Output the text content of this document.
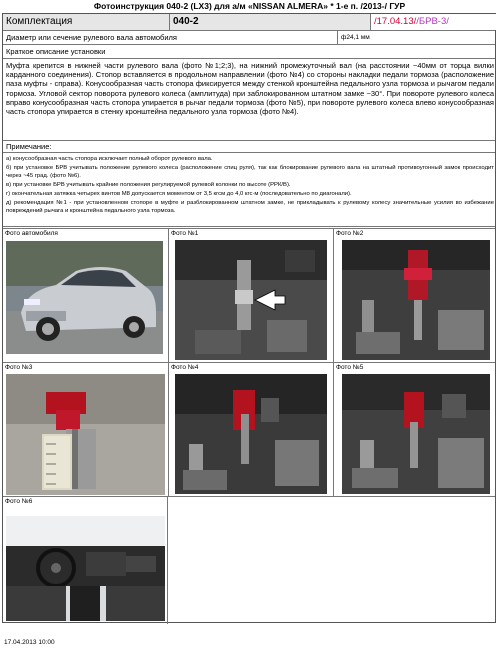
Фотоинструкция 040-2 (LX3) для а/м «NISSAN ALMERA» * 1-е п. /2013-/ ГУР
Комплектация	040-2	/17.04.13//БРВ-3/
Диаметр или сечение рулевого вала автомобиля	ф24,1 мм
Краткое описание установки
Муфта крепится в нижней части рулевого вала (фото №1;2;3), на нижний промежуточный вал (на расстоянии ~40мм от торца вилки карданного соединения). Стопор вставляется в продольном направлении (фото №4) со стороны накладки педали тормоза (расположение паза муфты - справа). Конусообразная часть стопора фиксируется между стенкой кронштейна педального узла тормоза и рычагом педали тормоза. Угловой сектор поворота рулевого колеса (амплитуда) при заблокированном штатном замке ~30°. При повороте рулевого колеса вправо конусообразная часть стопора упирается в рычаг педали тормоза (фото №5), при повороте рулевого колеса влево конусообразная часть стопора упирается в стенку кронштейна педального узла тормоза (фото №4).
Примечание:

а) конусообразная часть стопора исключает полный оборот рулевого вала.

б) при установке БРВ учитывать положение рулевого колеса (расположение спиц руля), так как блокирование рулевого вала на штатный противоугонный замок происходит через ~45 град. (фото №6).

в) при установке БРВ учитывать крайние положения регулируемой рулевой колонки по высоте (РРК/В).

г) окончательная затяжка четырех винтов М8 допускается моментом от 3,5 кгсм до 4,0 кгс·м (последовательно по диагонали).

д) рекомендация №1 - при установленном стопоре в муфте и разблокированном штатном замке, не прикладывать к рулевому колесу значительные усилия во избежание повреждений рычага и кронштейна педального узла тормоза.

Фото автомобиля	Фото №1	Фото №2
Фото №3	Фото №4	Фото №5
Фото №6
17.04.2013 10:00
